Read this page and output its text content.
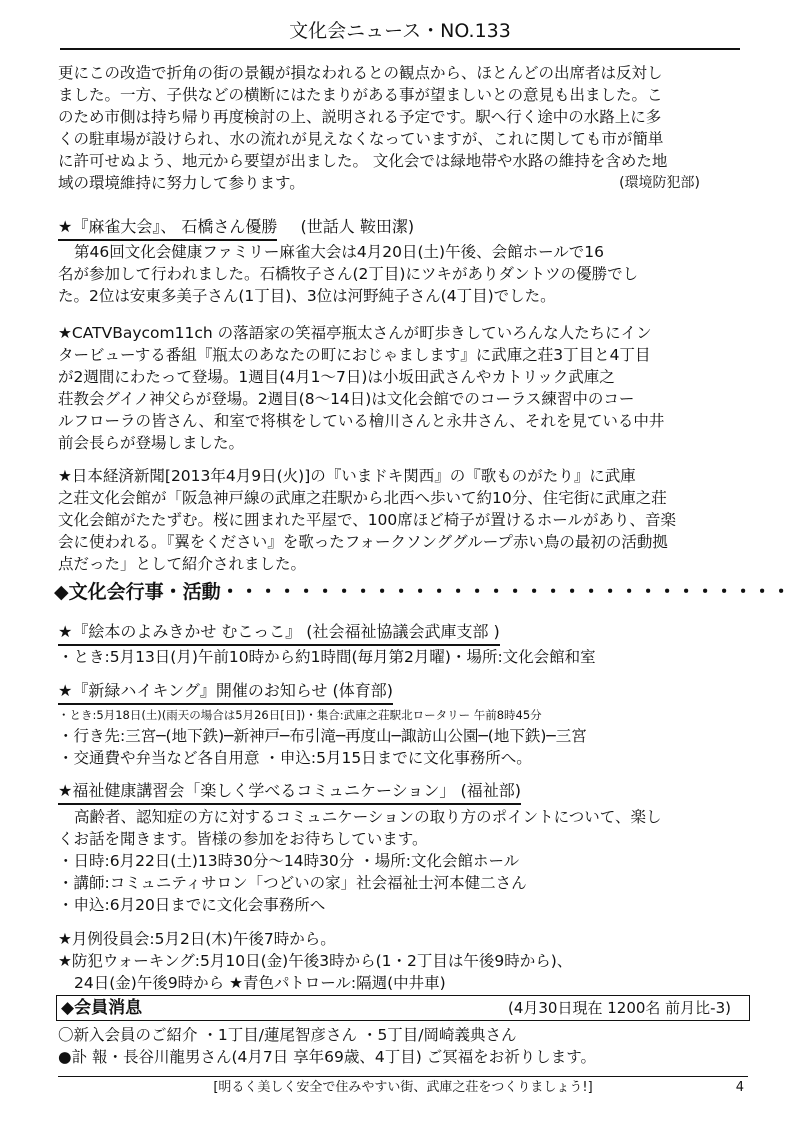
文化会ニュース・NO.133

更にこの改造で折角の街の景観が損なわれるとの観点から、ほとんどの出席者は反対し

ました。一方、子供などの横断にはたまりがある事が望ましいとの意見も出ました。こ

のため市側は持ち帰り再度検討の上、説明される予定です。駅へ行く途中の水路上に多

くの駐車場が設けられ、水の流れが見えなくなっていますが、これに関しても市が簡単

に許可せぬよう、地元から要望が出ました。 文化会では緑地帯や水路の維持を含めた地

域の環境維持に努力して参ります。	(環境防犯部)

★『麻雀大会』、 石橋さん優勝 (世話人 鞍田潔)

第46回文化会健康ファミリー麻雀大会は4月20日(土)午後、会館ホールで16

名が参加して行われました。石橋牧子さん(2丁目)にツキがありダントツの優勝でし

た。2位は安東多美子さん(1丁目)、3位は河野純子さん(4丁目)でした。

★CATVBaycom11ch の落語家の笑福亭瓶太さんが町歩きしていろんな人たちにイン

タービューする番組『瓶太のあなたの町におじゃまします』に武庫之荘3丁目と4丁目

が2週間にわたって登場。1週目(4月1～7日)は小坂田武さんやカトリック武庫之

荘教会グイノ神父らが登場。2週目(8～14日)は文化会館でのコーラス練習中のコー

ルフローラの皆さん、和室で将棋をしている檜川さんと永井さん、それを見ている中井

前会長らが登場しました。

★日本経済新聞[2013年4月9日(火)]の『いまドキ関西』の『歌ものがたり』に武庫

之荘文化会館が「阪急神戸線の武庫之荘駅から北西へ歩いて約10分、住宅街に武庫之荘

文化会館がたたずむ。桜に囲まれた平屋で、100席ほど椅子が置けるホールがあり、音楽

会に使われる。『翼をください』を歌ったフォークソンググループ赤い鳥の最初の活動拠

点だった」として紹介されました。

◆文化会行事・活動・・・・・・・・・・・・・・・・・・・・・・・・・・・・・・
★『絵本のよみきかせ むこっこ』 (社会福祉協議会武庫支部 )

・とき:5月13日(月)午前10時から約1時間(毎月第2月曜)・場所:文化会館和室

★『新緑ハイキング』開催のお知らせ (体育部)

・とき:5月18日(土)(雨天の場合は5月26日[日])・集合:武庫之荘駅北ロータリー 午前8時45分

・行き先:三宮─(地下鉄)─新神戸─布引滝─再度山─諏訪山公園─(地下鉄)─三宮

・交通費や弁当など各自用意 ・申込:5月15日までに文化事務所へ。

★福祉健康講習会「楽しく学べるコミュニケーション」 (福祉部)

高齢者、認知症の方に対するコミュニケーションの取り方のポイントについて、楽し

くお話を聞きます。皆様の参加をお待ちしています。

・日時:6月22日(土)13時30分～14時30分 ・場所:文化会館ホール

・講師:コミュニティサロン「つどいの家」社会福祉士河本健二さん

・申込:6月20日までに文化会事務所へ

★月例役員会:5月2日(木)午後7時から。

★防犯ウォーキング:5月10日(金)午後3時から(1・2丁目は午後9時から)、

24日(金)午後9時から ★青色パトロール:隔週(中井車)

◆会員消息	(4月30日現在 1200名 前月比-3)

〇新入会員のご紹介 ・1丁目/蓮尾智彦さん ・5丁目/岡崎義典さん

●訃 報・長谷川龍男さん(4月7日 享年69歳、4丁目) ご冥福をお祈りします。

[明るく美しく安全で住みやすい街、武庫之荘をつくりましょう!]	4
